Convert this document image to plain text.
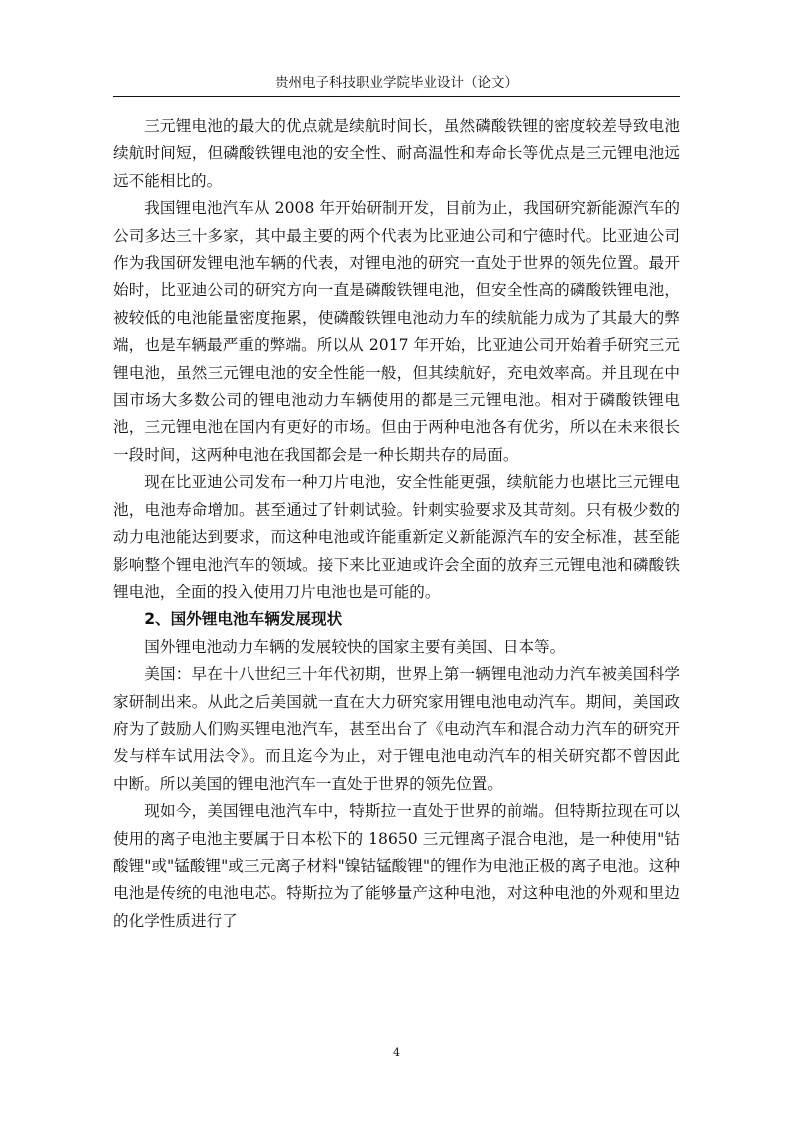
贵州电子科技职业学院毕业设计（论文）

三元锂电池的最大的优点就是续航时间长，虽然磷酸铁锂的密度较差导致电池续航时间短，但磷酸铁锂电池的安全性、耐高温性和寿命长等优点是三元锂电池远远不能相比的。

我国锂电池汽车从 2008 年开始研制开发，目前为止，我国研究新能源汽车的公司多达三十多家，其中最主要的两个代表为比亚迪公司和宁德时代。比亚迪公司作为我国研发锂电池车辆的代表，对锂电池的研究一直处于世界的领先位置。最开始时，比亚迪公司的研究方向一直是磷酸铁锂电池，但安全性高的磷酸铁锂电池，被较低的电池能量密度拖累，使磷酸铁锂电池动力车的续航能力成为了其最大的弊端，也是车辆最严重的弊端。所以从 2017 年开始，比亚迪公司开始着手研究三元锂电池，虽然三元锂电池的安全性能一般，但其续航好，充电效率高。并且现在中国市场大多数公司的锂电池动力车辆使用的都是三元锂电池。相对于磷酸铁锂电池，三元锂电池在国内有更好的市场。但由于两种电池各有优劣，所以在未来很长一段时间，这两种电池在我国都会是一种长期共存的局面。

现在比亚迪公司发布一种刀片电池，安全性能更强，续航能力也堪比三元锂电池，电池寿命增加。甚至通过了针刺试验。针刺实验要求及其苛刻。只有极少数的动力电池能达到要求，而这种电池或许能重新定义新能源汽车的安全标准，甚至能影响整个锂电池汽车的领域。接下来比亚迪或许会全面的放弃三元锂电池和磷酸铁锂电池，全面的投入使用刀片电池也是可能的。

2、国外锂电池车辆发展现状

国外锂电池动力车辆的发展较快的国家主要有美国、日本等。

美国：早在十八世纪三十年代初期，世界上第一辆锂电池动力汽车被美国科学家研制出来。从此之后美国就一直在大力研究家用锂电池电动汽车。期间，美国政府为了鼓励人们购买锂电池汽车，甚至出台了《电动汽车和混合动力汽车的研究开发与样车试用法令》。而且迄今为止，对于锂电池电动汽车的相关研究都不曾因此中断。所以美国的锂电池汽车一直处于世界的领先位置。

现如今，美国锂电池汽车中，特斯拉一直处于世界的前端。但特斯拉现在可以使用的离子电池主要属于日本松下的 18650 三元锂离子混合电池，是一种使用"钴酸锂"或"锰酸锂"或三元离子材料"镍钴锰酸锂"的锂作为电池正极的离子电池。这种电池是传统的电池电芯。特斯拉为了能够量产这种电池，对这种电池的外观和里边的化学性质进行了

4
